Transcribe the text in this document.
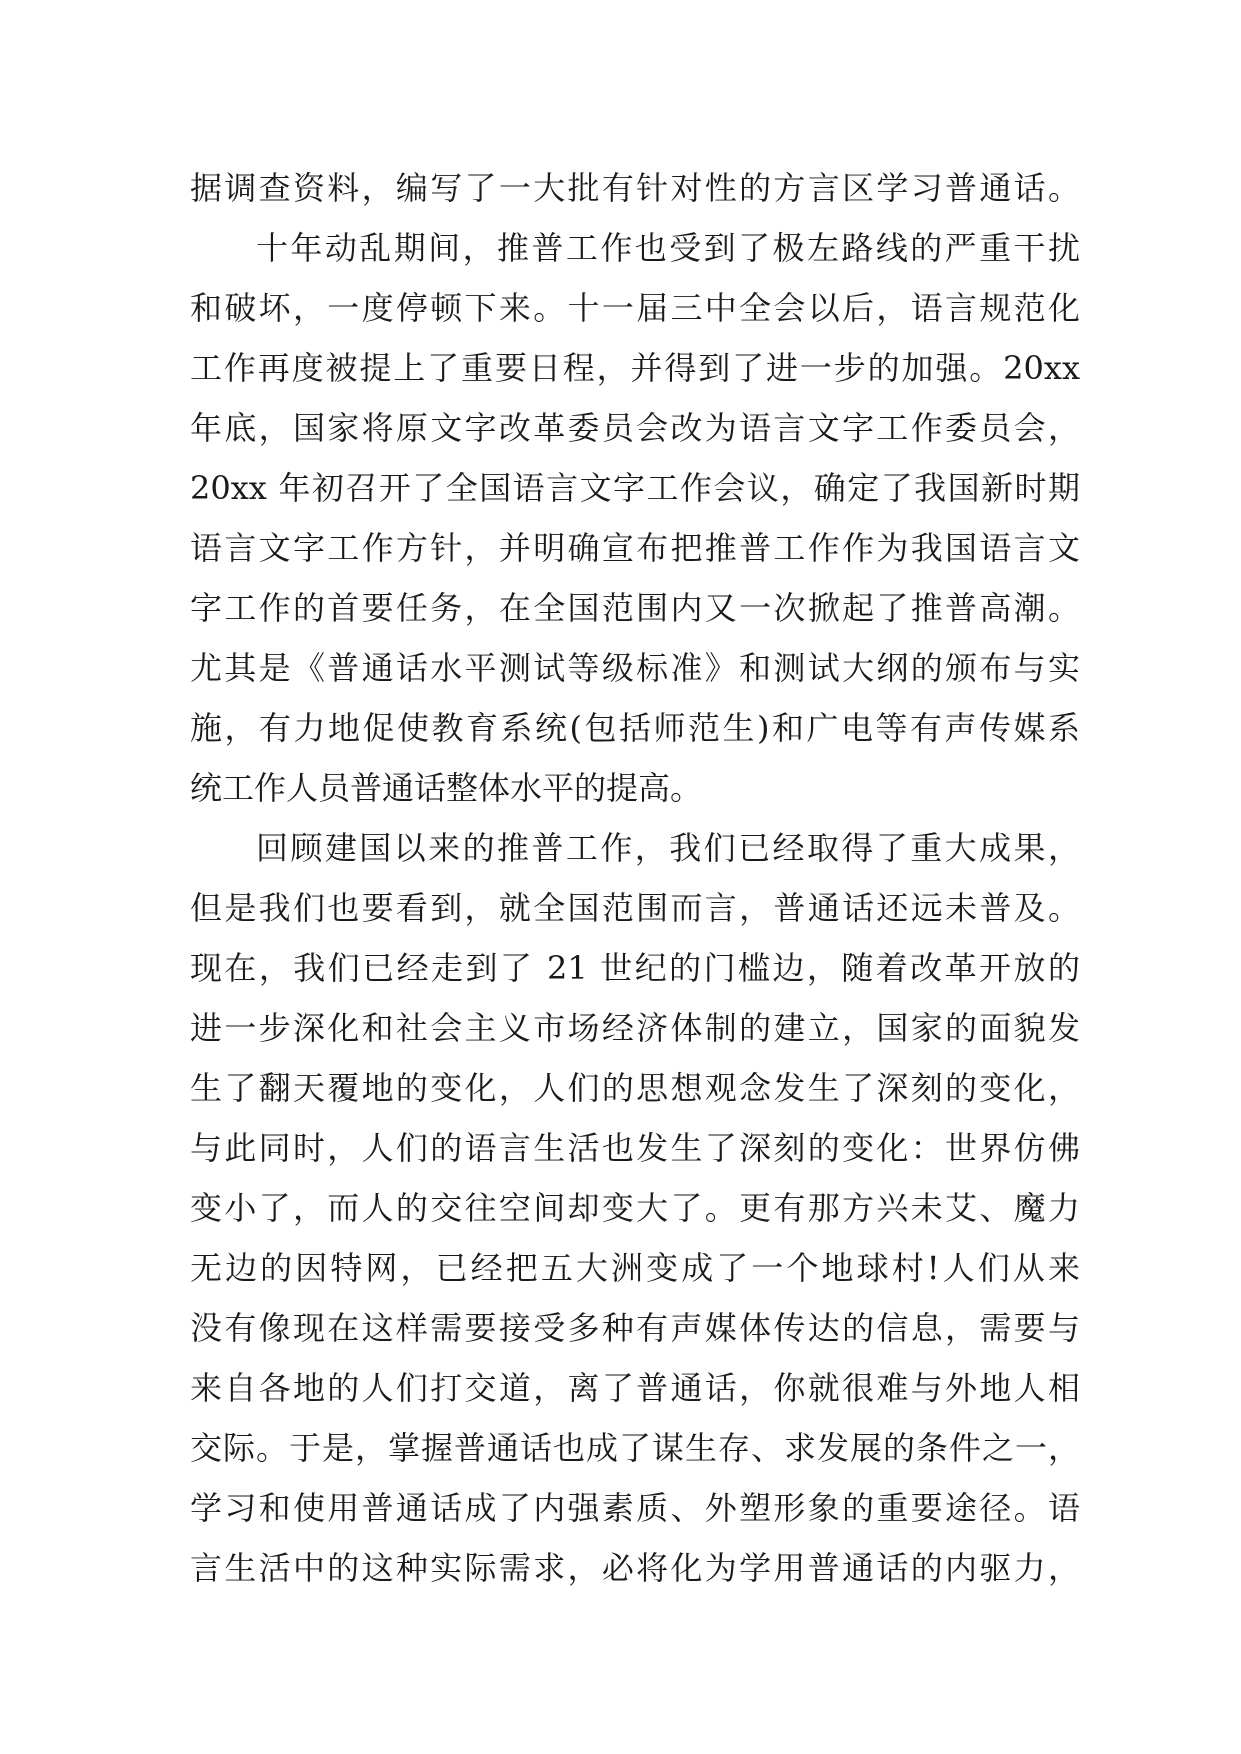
据调查资料，编写了一大批有针对性的方言区学习普通话。
十年动乱期间，推普工作也受到了极左路线的严重干扰
和破坏，一度停顿下来。十一届三中全会以后，语言规范化
工作再度被提上了重要日程，并得到了进一步的加强。20xx
年底，国家将原文字改革委员会改为语言文字工作委员会，
20xx 年初召开了全国语言文字工作会议，确定了我国新时期
语言文字工作方针，并明确宣布把推普工作作为我国语言文
字工作的首要任务，在全国范围内又一次掀起了推普高潮。
尤其是《普通话水平测试等级标准》和测试大纲的颁布与实
施，有力地促使教育系统(包括师范生)和广电等有声传媒系
统工作人员普通话整体水平的提高。
回顾建国以来的推普工作，我们已经取得了重大成果，
但是我们也要看到，就全国范围而言，普通话还远未普及。
现在，我们已经走到了 21 世纪的门槛边，随着改革开放的
进一步深化和社会主义市场经济体制的建立，国家的面貌发
生了翻天覆地的变化，人们的思想观念发生了深刻的变化，
与此同时，人们的语言生活也发生了深刻的变化：世界仿佛
变小了，而人的交往空间却变大了。更有那方兴未艾、魔力
无边的因特网，已经把五大洲变成了一个地球村!人们从来
没有像现在这样需要接受多种有声媒体传达的信息，需要与
来自各地的人们打交道，离了普通话，你就很难与外地人相
交际。于是，掌握普通话也成了谋生存、求发展的条件之一，
学习和使用普通话成了内强素质、外塑形象的重要途径。语
言生活中的这种实际需求，必将化为学用普通话的内驱力，
